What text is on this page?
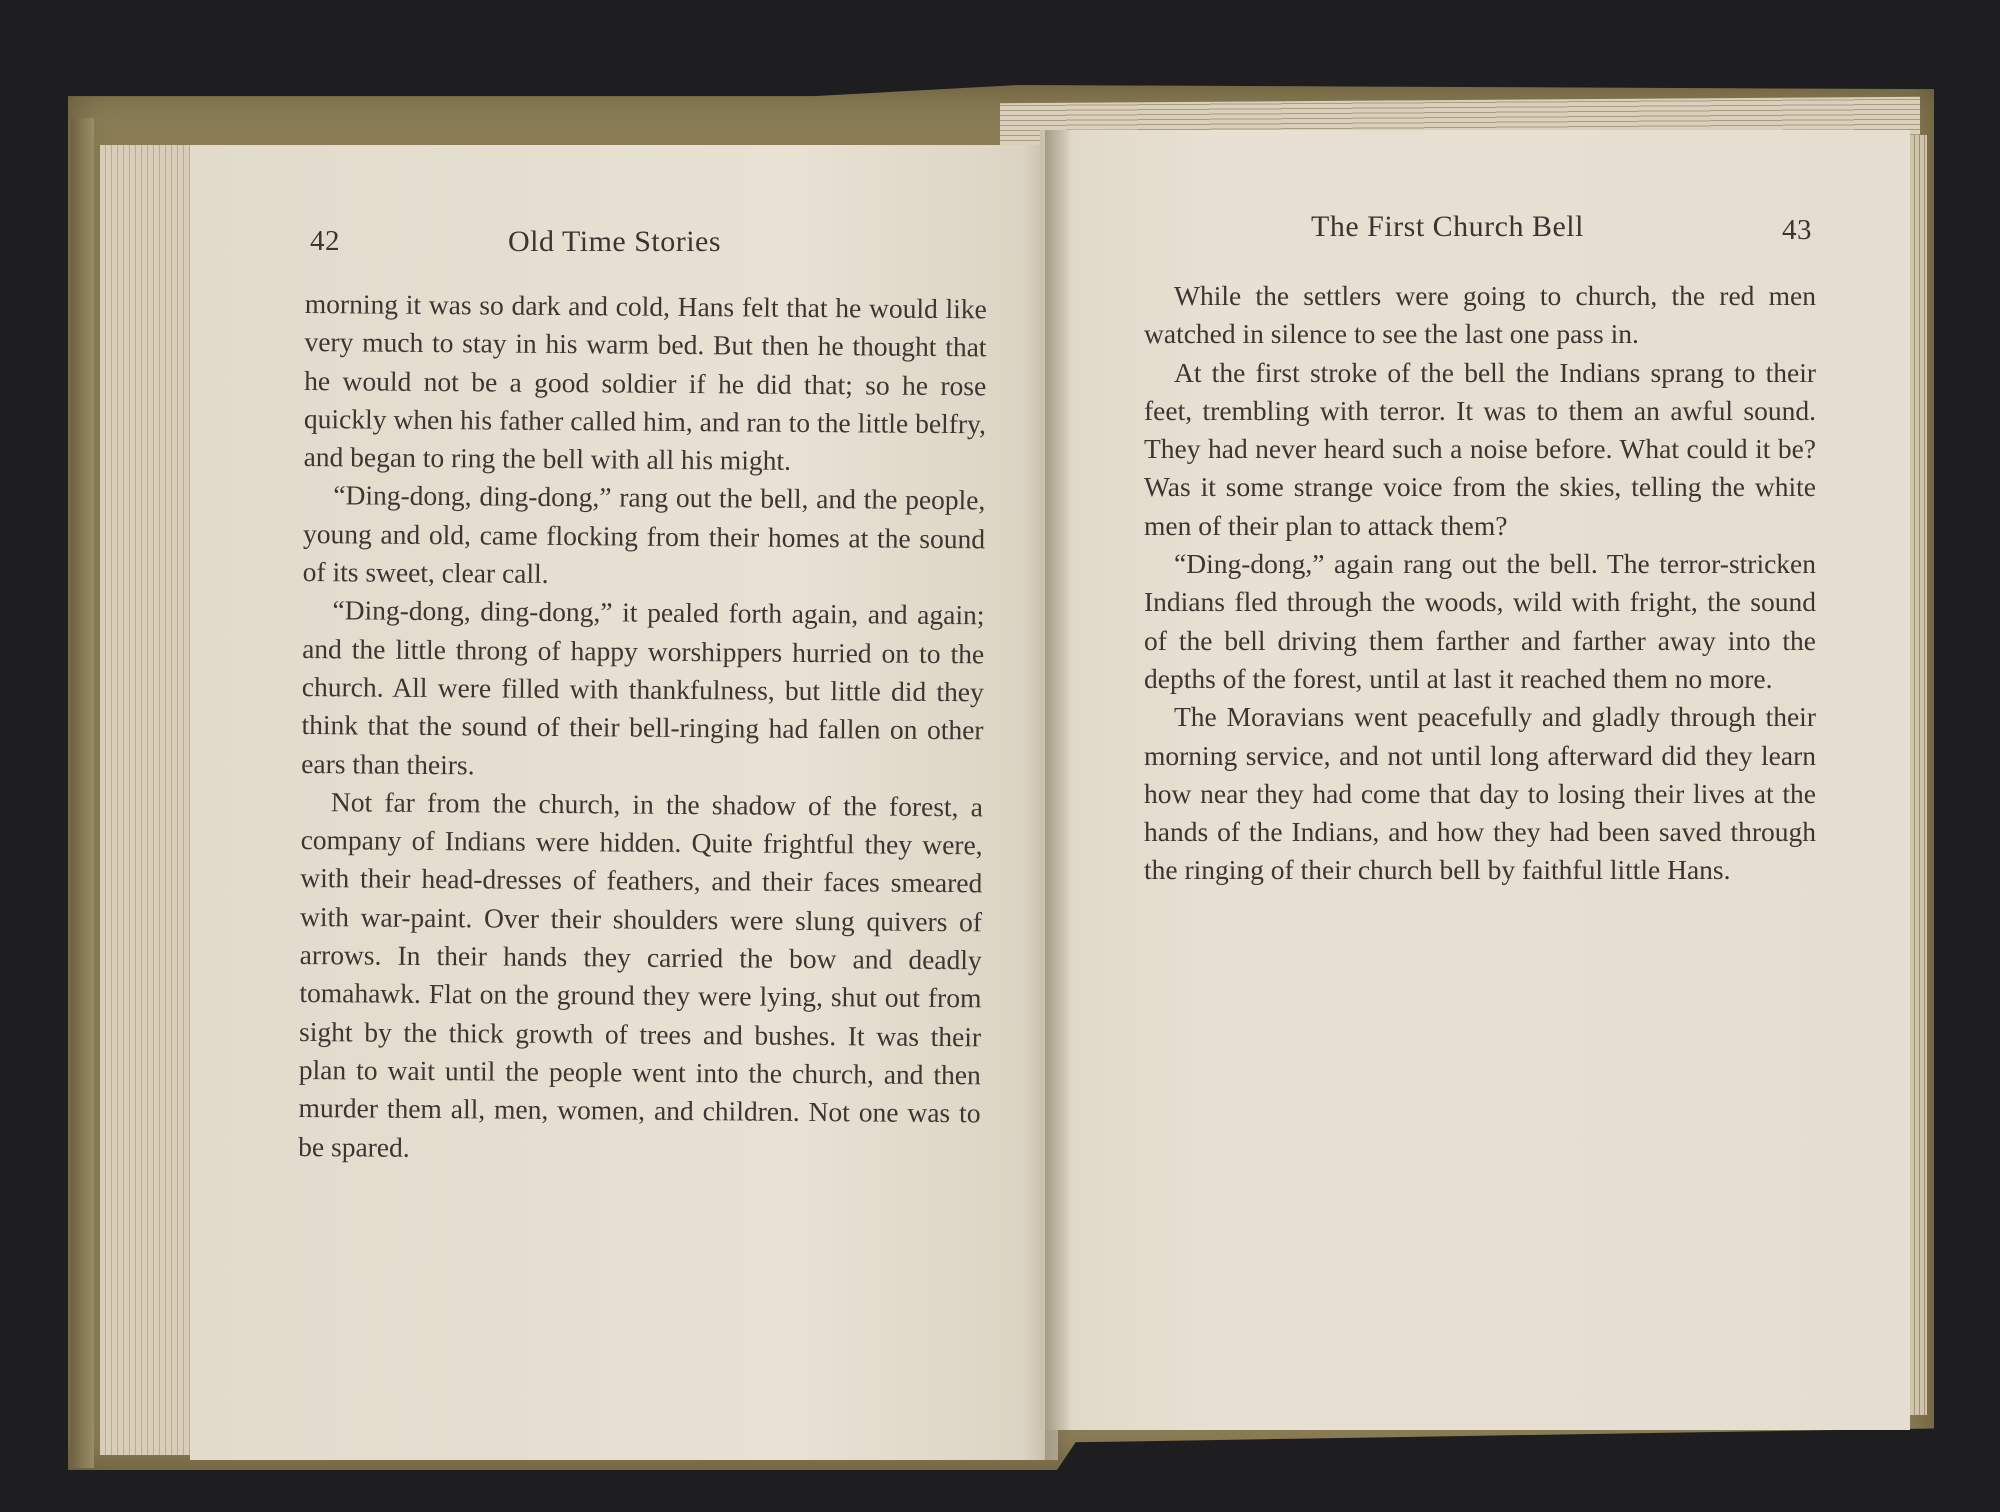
42	Old Time Stories

morning it was so dark and cold, Hans felt that he would like very much to stay in his warm bed. But then he thought that he would not be a good soldier if he did that; so he rose quickly when his father called him, and ran to the little belfry, and began to ring the bell with all his might.

“Ding-dong, ding-dong,” rang out the bell, and the people, young and old, came flocking from their homes at the sound of its sweet, clear call.

“Ding-dong, ding-dong,” it pealed forth again, and again; and the little throng of happy worshippers hurried on to the church. All were filled with thankfulness, but little did they think that the sound of their bell-ringing had fallen on other ears than theirs.

Not far from the church, in the shadow of the forest, a company of Indians were hidden. Quite frightful they were, with their head-dresses of feathers, and their faces smeared with war-paint. Over their shoulders were slung quivers of arrows. In their hands they carried the bow and deadly tomahawk. Flat on the ground they were lying, shut out from sight by the thick growth of trees and bushes. It was their plan to wait until the people went into the church, and then murder them all, men, women, and children. Not one was to be spared.

The First Church Bell	43

While the settlers were going to church, the red men watched in silence to see the last one pass in.

At the first stroke of the bell the Indians sprang to their feet, trembling with terror. It was to them an awful sound. They had never heard such a noise before. What could it be? Was it some strange voice from the skies, telling the white men of their plan to attack them?

“Ding-dong,” again rang out the bell. The terror-stricken Indians fled through the woods, wild with fright, the sound of the bell driving them farther and farther away into the depths of the forest, until at last it reached them no more.

The Moravians went peacefully and gladly through their morning service, and not until long afterward did they learn how near they had come that day to losing their lives at the hands of the Indians, and how they had been saved through the ringing of their church bell by faithful little Hans.
